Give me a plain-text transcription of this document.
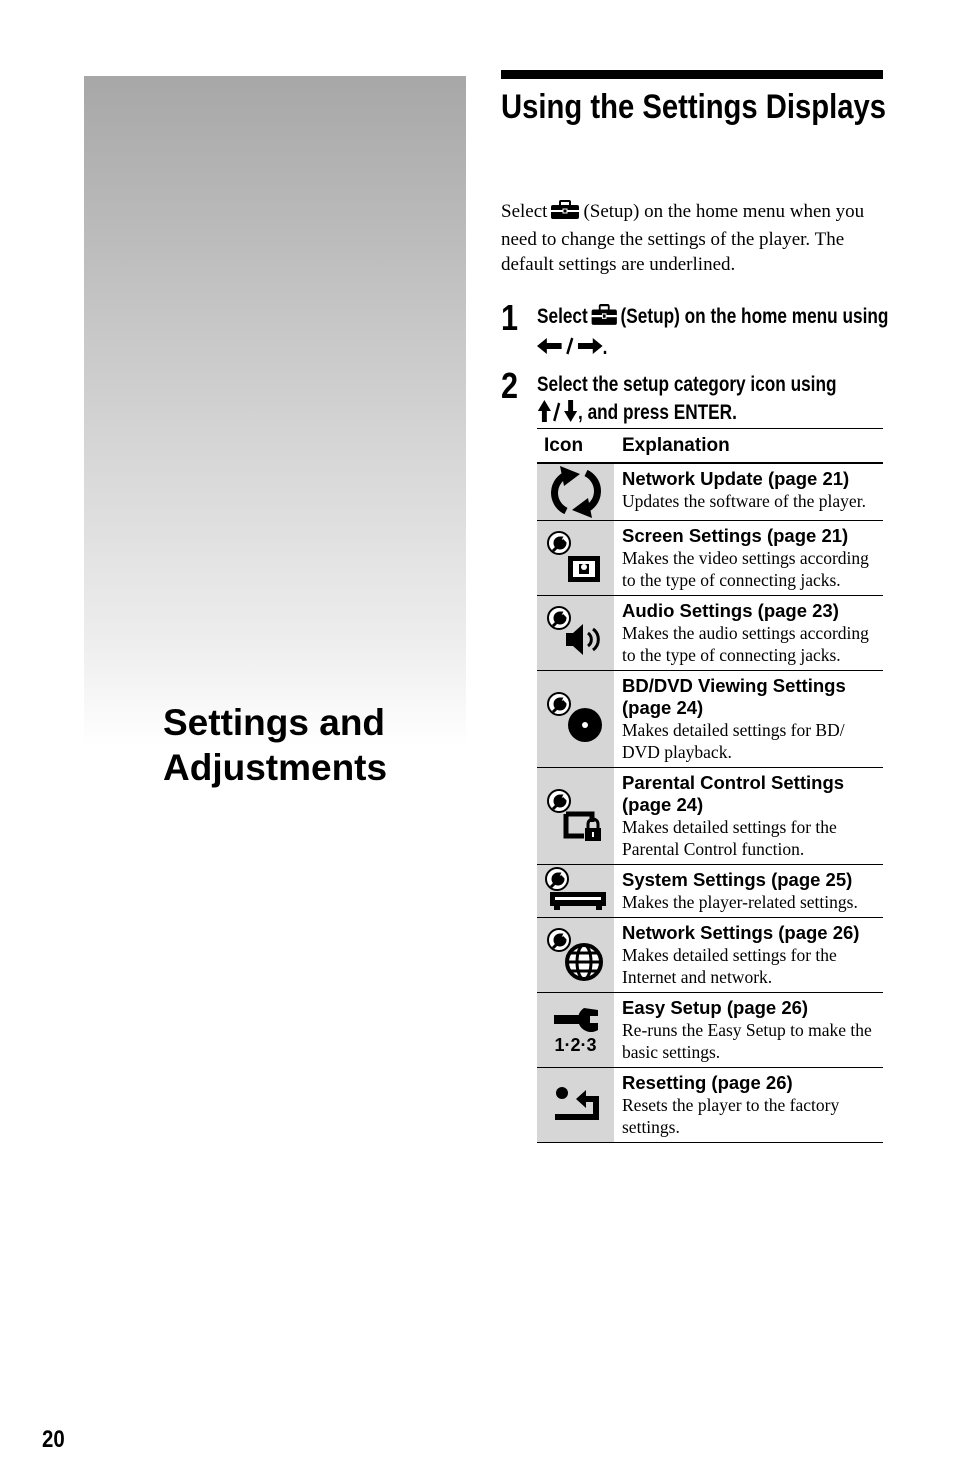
Settings and Adjustments
Using the Settings Displays
Select (Setup) on the home menu when you need to change the settings of the player. The default settings are underlined.
1 Select (Setup) on the home menu using .
2 Select the setup category icon using
, and press ENTER.
Icon	Explanation
Network Update (page 21)
Updates the software of the player.
Screen Settings (page 21)
Makes the video settings according to the type of connecting jacks.
Audio Settings (page 23)
Makes the audio settings according to the type of connecting jacks.
BD/DVD Viewing Settings (page 24)
Makes detailed settings for BD/ DVD playback.
Parental Control Settings (page 24)
Makes detailed settings for the Parental Control function.
System Settings (page 25)
Makes the player-related settings.
Network Settings (page 26)
Makes detailed settings for the Internet and network.
1·2·3
Easy Setup (page 26)
Re-runs the Easy Setup to make the basic settings.
Resetting (page 26)
Resets the player to the factory settings.
20
